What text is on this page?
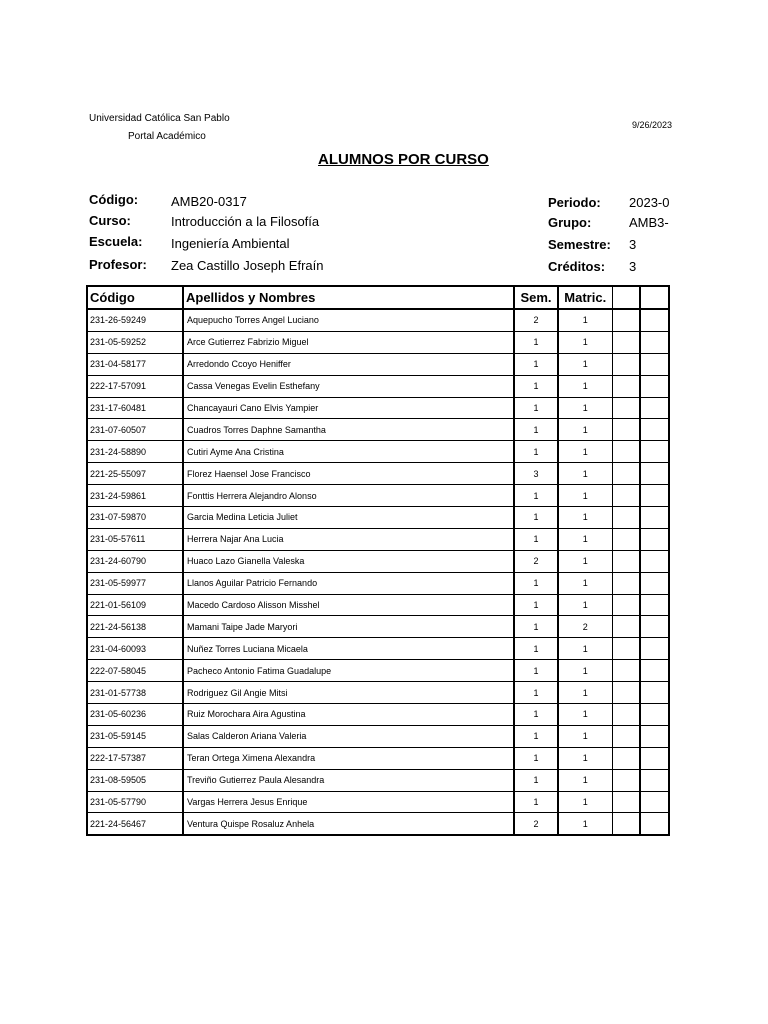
Universidad Católica San Pablo
Portal Académico
9/26/2023
ALUMNOS POR CURSO
Código:	AMB20-0317
Curso:	Introducción a la Filosofía
Escuela: Ingeniería Ambiental
Profesor: Zea Castillo Joseph Efraín
Periodo: 2023-0
Grupo:	AMB3-
Semestre: 3
Créditos: 3
Código	Apellidos y Nombres	Sem.	Matric.		
231-26-59249	Aquepucho Torres Angel Luciano	2	1		
231-05-59252	Arce Gutierrez Fabrizio Miguel	1	1		
231-04-58177	Arredondo Ccoyo Heniffer	1	1		
222-17-57091	Cassa Venegas Evelin Esthefany	1	1		
231-17-60481	Chancayauri Cano Elvis Yampier	1	1		
231-07-60507	Cuadros Torres Daphne Samantha	1	1		
231-24-58890	Cutiri Ayme Ana Cristina	1	1		
221-25-55097	Florez Haensel Jose Francisco	3	1		
231-24-59861	Fonttis Herrera Alejandro Alonso	1	1		
231-07-59870	Garcia Medina Leticia Juliet	1	1		
231-05-57611	Herrera Najar Ana Lucia	1	1		
231-24-60790	Huaco Lazo Gianella Valeska	2	1		
231-05-59977	Llanos Aguilar Patricio Fernando	1	1		
221-01-56109	Macedo Cardoso Alisson Misshel	1	1		
221-24-56138	Mamani Taipe Jade Maryori	1	2		
231-04-60093	Nuñez Torres Luciana Micaela	1	1		
222-07-58045	Pacheco Antonio Fatima Guadalupe	1	1		
231-01-57738	Rodriguez Gil Angie Mitsi	1	1		
231-05-60236	Ruiz Morochara Aira Agustina	1	1		
231-05-59145	Salas Calderon Ariana Valeria	1	1		
222-17-57387	Teran Ortega Ximena Alexandra	1	1		
231-08-59505	Treviño Gutierrez Paula Alesandra	1	1		
231-05-57790	Vargas Herrera Jesus Enrique	1	1		
221-24-56467	Ventura Quispe Rosaluz Anhela	2	1		
